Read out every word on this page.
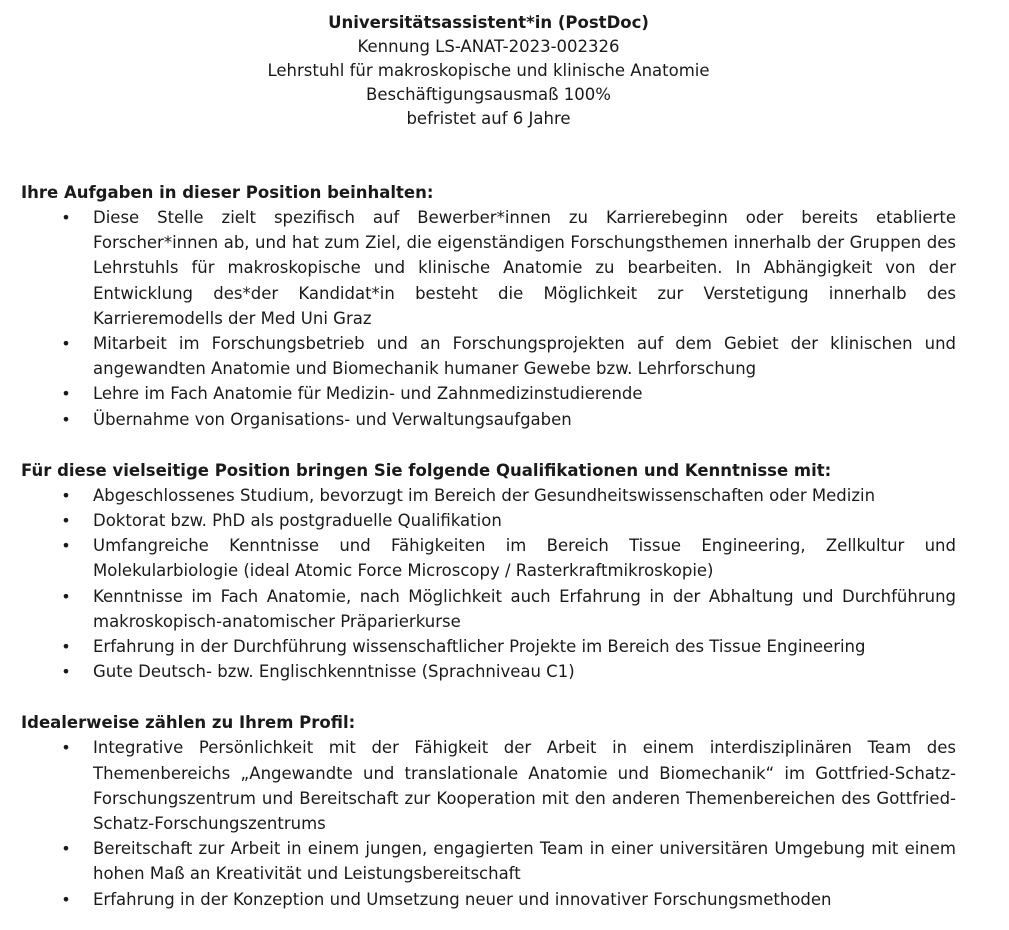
Universitätsassistent*in (PostDoc)
Kennung LS-ANAT-2023-002326
Lehrstuhl für makroskopische und klinische Anatomie
Beschäftigungsausmaß 100%
befristet auf 6 Jahre
Ihre Aufgaben in dieser Position beinhalten:
• Diese Stelle zielt spezifisch auf Bewerber*innen zu Karrierebeginn oder bereits etablierte Forscher*innen ab, und hat zum Ziel, die eigenständigen Forschungsthemen innerhalb der Gruppen des Lehrstuhls für makroskopische und klinische Anatomie zu bearbeiten. In Abhängigkeit von der Entwicklung des*der Kandidat*in besteht die Möglichkeit zur Verstetigung innerhalb des Karrieremodells der Med Uni Graz
• Mitarbeit im Forschungsbetrieb und an Forschungsprojekten auf dem Gebiet der klinischen und angewandten Anatomie und Biomechanik humaner Gewebe bzw. Lehrforschung
• Lehre im Fach Anatomie für Medizin- und Zahnmedizinstudierende
• Übernahme von Organisations- und Verwaltungsaufgaben
Für diese vielseitige Position bringen Sie folgende Qualifikationen und Kenntnisse mit:
• Abgeschlossenes Studium, bevorzugt im Bereich der Gesundheitswissenschaften oder Medizin
• Doktorat bzw. PhD als postgraduelle Qualifikation
• Umfangreiche Kenntnisse und Fähigkeiten im Bereich Tissue Engineering, Zellkultur und Molekularbiologie (ideal Atomic Force Microscopy / Rasterkraftmikroskopie)
• Kenntnisse im Fach Anatomie, nach Möglichkeit auch Erfahrung in der Abhaltung und Durchführung makroskopisch-anatomischer Präparierkurse
• Erfahrung in der Durchführung wissenschaftlicher Projekte im Bereich des Tissue Engineering
• Gute Deutsch- bzw. Englischkenntnisse (Sprachniveau C1)
Idealerweise zählen zu Ihrem Profil:
• Integrative Persönlichkeit mit der Fähigkeit der Arbeit in einem interdisziplinären Team des Themenbereichs „Angewandte und translationale Anatomie und Biomechanik“ im Gottfried-Schatz-Forschungszentrum und Bereitschaft zur Kooperation mit den anderen Themenbereichen des Gottfried-Schatz-Forschungszentrums
• Bereitschaft zur Arbeit in einem jungen, engagierten Team in einer universitären Umgebung mit einem hohen Maß an Kreativität und Leistungsbereitschaft
• Erfahrung in der Konzeption und Umsetzung neuer und innovativer Forschungsmethoden
